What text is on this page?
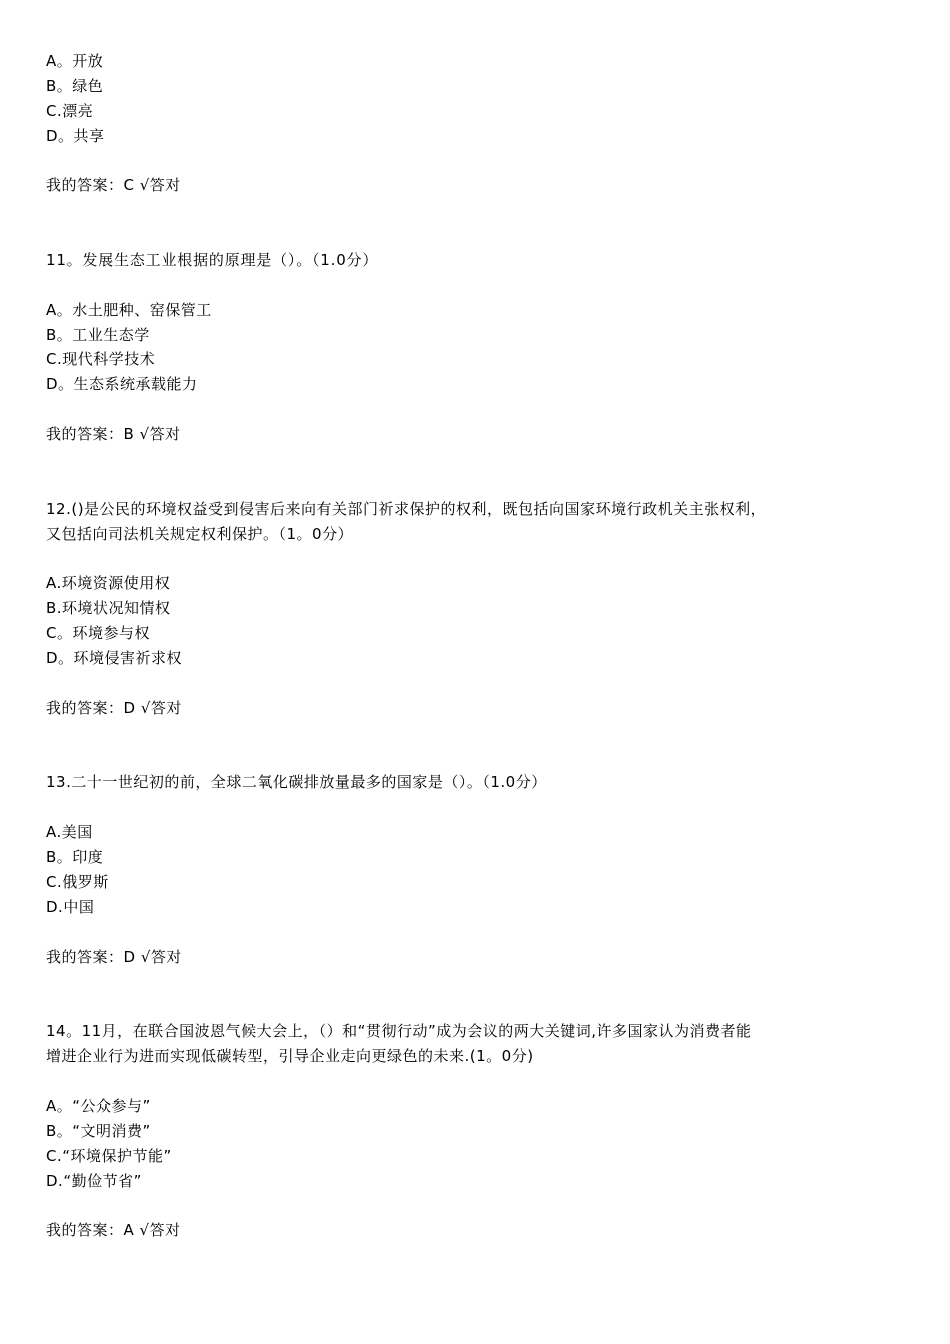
A。开放
B。绿色
C.漂亮
D。共享
我的答案：C √答对
11。发展生态工业根据的原理是（）。（1.0分）
A。水土肥种、窑保管工
B。工业生态学
C.现代科学技术
D。生态系统承载能力
我的答案：B √答对
12.()是公民的环境权益受到侵害后来向有关部门祈求保护的权利，既包括向国家环境行政机关主张权利，
又包括向司法机关规定权利保护。（1。0分）
A.环境资源使用权
B.环境状况知情权
C。环境参与权
D。环境侵害祈求权
我的答案：D √答对
13.二十一世纪初的前，全球二氧化碳排放量最多的国家是（）。（1.0分）
A.美国
B。印度
C.俄罗斯
D.中国
我的答案：D √答对
14。11月，在联合国波恩气候大会上，（）和“贯彻行动”成为会议的两大关键词,许多国家认为消费者能
增进企业行为进而实现低碳转型，引导企业走向更绿色的未来.(1。0分)
A。“公众参与”
B。“文明消费”
C.“环境保护节能”
D.“勤俭节省”
我的答案：A √答对
